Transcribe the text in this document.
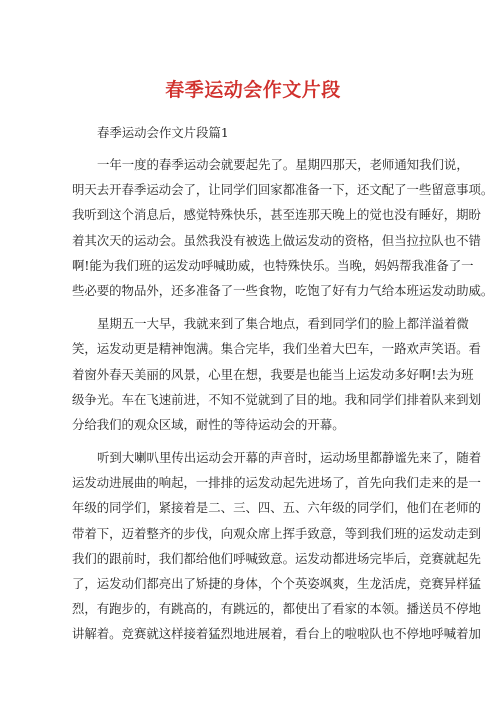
春季运动会作文片段
春季运动会作文片段篇1
一年一度的春季运动会就要起先了。星期四那天，老师通知我们说，
明天去开春季运动会了，让同学们回家都准备一下，还文配了一些留意事项。
我听到这个消息后，感觉特殊快乐，甚至连那天晚上的觉也没有睡好，期盼
着其次天的运动会。虽然我没有被选上做运发动的资格，但当拉拉队也不错
啊!能为我们班的运发动呼喊助威，也特殊快乐。当晚，妈妈帮我准备了一
些必要的物品外，还多准备了一些食物，吃饱了好有力气给本班运发动助威。
星期五一大早，我就来到了集合地点，看到同学们的脸上都洋溢着微
笑，运发动更是精神饱满。集合完毕，我们坐着大巴车，一路欢声笑语。看
着窗外春天美丽的风景，心里在想，我要是也能当上运发动多好啊!去为班
级争光。车在飞速前进，不知不觉就到了目的地。我和同学们排着队来到划
分给我们的观众区域，耐性的等待运动会的开幕。
听到大喇叭里传出运动会开幕的声音时，运动场里都静谧先来了，随着
运发动进展曲的响起，一排排的运发动起先进场了，首先向我们走来的是一
年级的同学们，紧接着是二、三、四、五、六年级的同学们，他们在老师的
带着下，迈着整齐的步伐，向观众席上挥手致意，等到我们班的运发动走到
我们的跟前时，我们都给他们呼喊致意。运发动都进场完毕后，竞赛就起先
了，运发动们都亮出了矫捷的身体，个个英姿飒爽，生龙活虎，竞赛异样猛
烈，有跑步的，有跳高的，有跳远的，都使出了看家的本领。播送员不停地
讲解着。竞赛就这样接着猛烈地进展着，看台上的啦啦队也不停地呼喊着加
